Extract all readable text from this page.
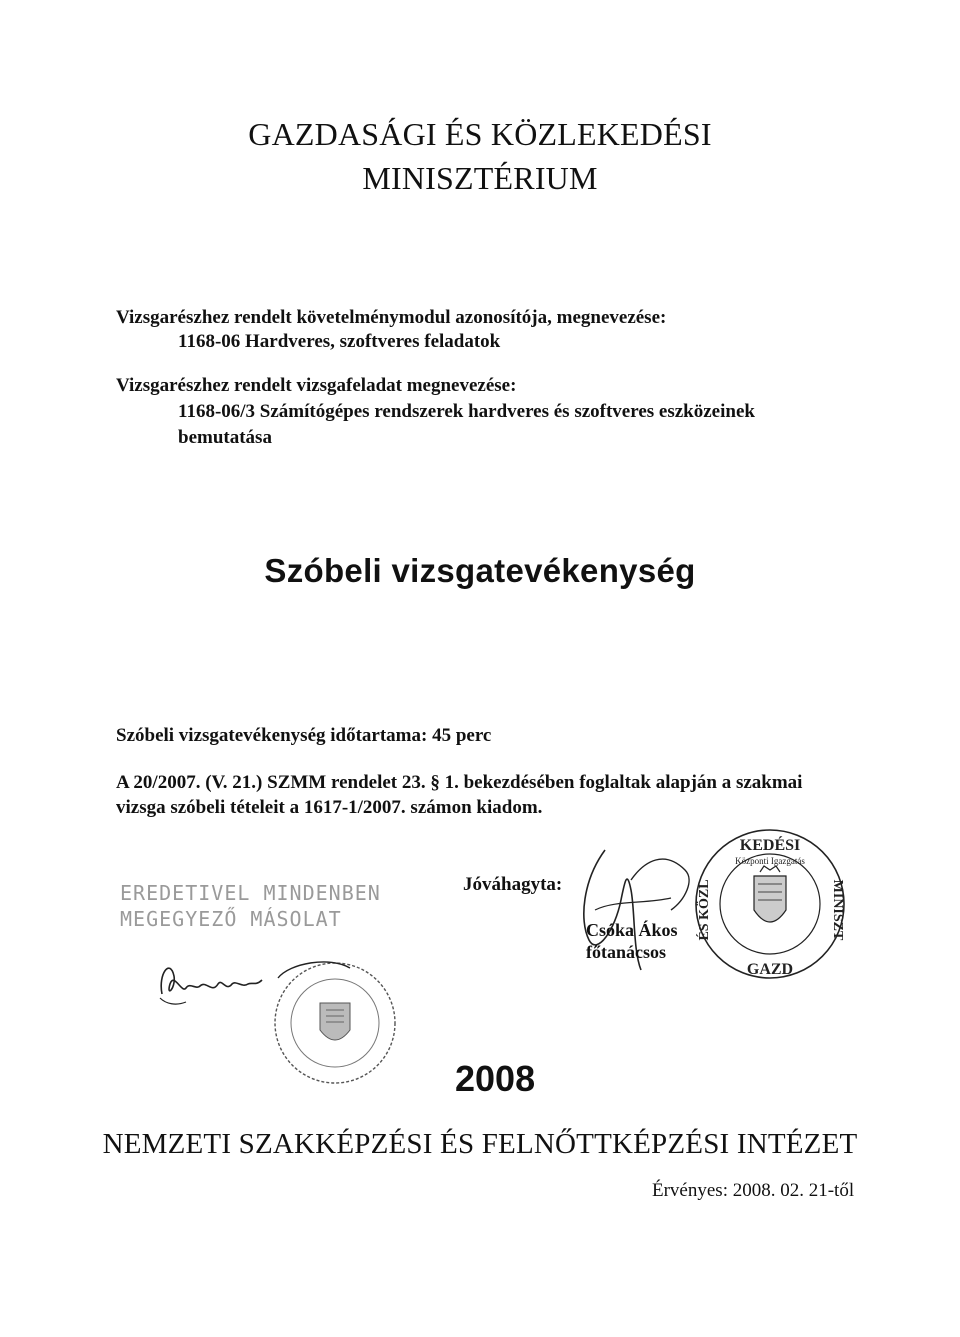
GAZDASÁGI ÉS KÖZLEKEDÉSI
MINISZTÉRIUM
Vizsgarészhez rendelt követelménymodul azonosítója, megnevezése:
1168-06 Hardveres, szoftveres feladatok
Vizsgarészhez rendelt vizsgafeladat megnevezése:
1168-06/3 Számítógépes rendszerek hardveres és szoftveres eszközeinek
bemutatása
Szóbeli vizsgatevékenység
Szóbeli vizsgatevékenység időtartama: 45 perc
A 20/2007. (V. 21.) SZMM rendelet 23. § 1. bekezdésében foglaltak alapján a szakmai
vizsga szóbeli tételeit a 1617-1/2007. számon kiadom.
EREDETIVEL MINDENBEN
MEGEGYEZŐ MÁSOLAT
Jóváhagyta:
Csóka Ákos
főtanácsos
KEDÉSI
GAZD
MINISZT
ÉS KÖZL
Központi Igazgatás
2008
NEMZETI SZAKKÉPZÉSI ÉS FELNŐTTKÉPZÉSI INTÉZET
Érvényes: 2008. 02. 21-től
